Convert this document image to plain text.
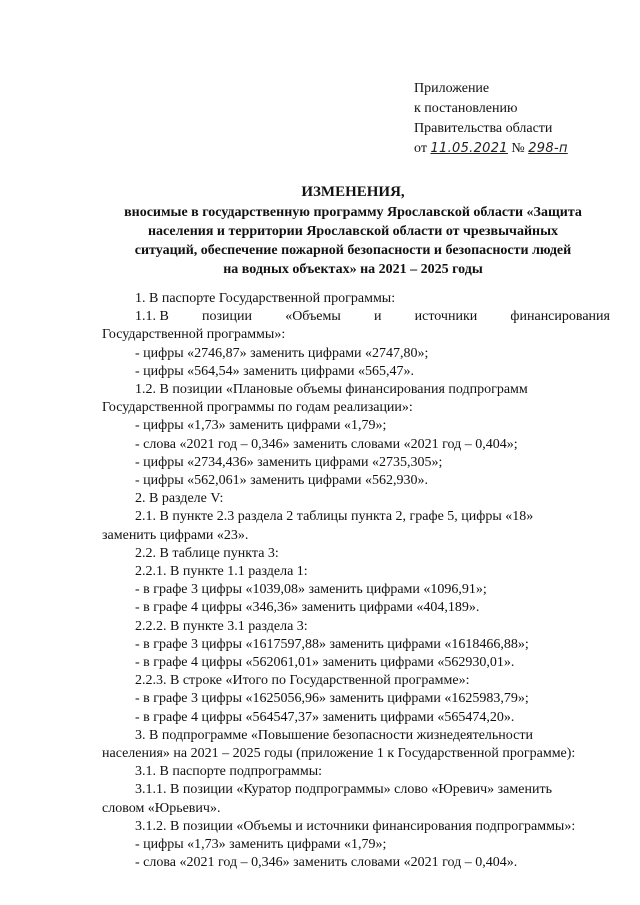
Приложение
к постановлению
Правительства области
от 11.05.2021 № 298-п
ИЗМЕНЕНИЯ,
вносимые в государственную программу Ярославской области «Защита
населения и территории Ярославской области от чрезвычайных
ситуаций, обеспечение пожарной безопасности и безопасности людей
на водных объектах» на 2021 – 2025 годы
1. В паспорте Государственной программы:
1.1. В позиции «Объемы и источники финансирования
Государственной программы»:
- цифры «2746,87» заменить цифрами «2747,80»;
- цифры «564,54» заменить цифрами «565,47».
1.2. В позиции «Плановые объемы финансирования подпрограмм
Государственной программы по годам реализации»:
- цифры «1,73» заменить цифрами «1,79»;
- слова «2021 год – 0,346» заменить словами «2021 год – 0,404»;
- цифры «2734,436» заменить цифрами «2735,305»;
- цифры «562,061» заменить цифрами «562,930».
2. В разделе V:
2.1. В пункте 2.3 раздела 2 таблицы пункта 2, графе 5, цифры «18»
заменить цифрами «23».
2.2. В таблице пункта 3:
2.2.1. В пункте 1.1 раздела 1:
- в графе 3 цифры «1039,08» заменить цифрами «1096,91»;
- в графе 4 цифры «346,36» заменить цифрами «404,189».
2.2.2. В пункте 3.1 раздела 3:
- в графе 3 цифры «1617597,88» заменить цифрами «1618466,88»;
- в графе 4 цифры «562061,01» заменить цифрами «562930,01».
2.2.3. В строке «Итого по Государственной программе»:
- в графе 3 цифры «1625056,96» заменить цифрами «1625983,79»;
- в графе 4 цифры «564547,37» заменить цифрами «565474,20».
3. В подпрограмме «Повышение безопасности жизнедеятельности
населения» на 2021 – 2025 годы (приложение 1 к Государственной программе):
3.1. В паспорте подпрограммы:
3.1.1. В позиции «Куратор подпрограммы» слово «Юревич» заменить
словом «Юрьевич».
3.1.2. В позиции «Объемы и источники финансирования подпрограммы»:
- цифры «1,73» заменить цифрами «1,79»;
- слова «2021 год – 0,346» заменить словами «2021 год – 0,404».
